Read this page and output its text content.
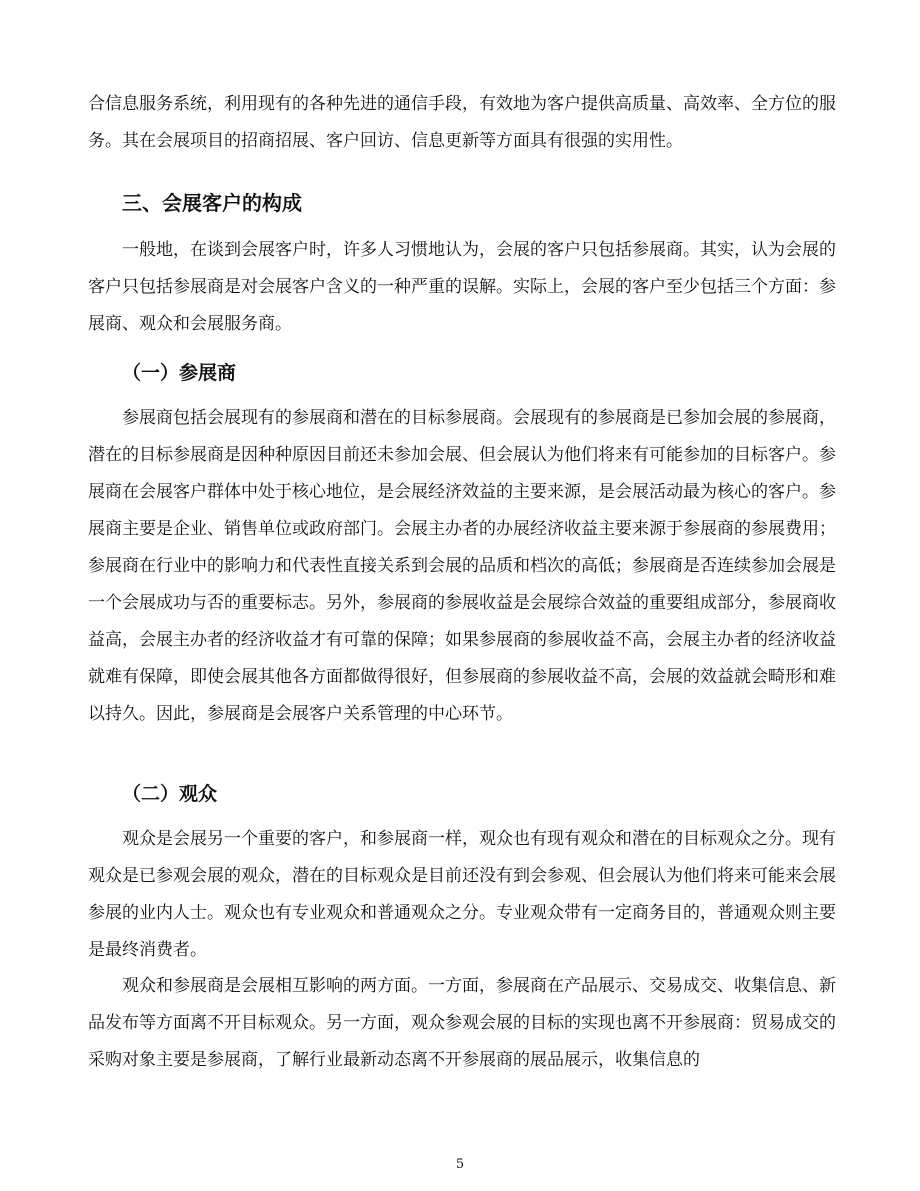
合信息服务系统，利用现有的各种先进的通信手段，有效地为客户提供高质量、高效率、全方位的服务。其在会展项目的招商招展、客户回访、信息更新等方面具有很强的实用性。

三、会展客户的构成

一般地，在谈到会展客户时，许多人习惯地认为，会展的客户只包括参展商。其实，认为会展的客户只包括参展商是对会展客户含义的一种严重的误解。实际上，会展的客户至少包括三个方面：参展商、观众和会展服务商。

（一）参展商

参展商包括会展现有的参展商和潜在的目标参展商。会展现有的参展商是已参加会展的参展商，潜在的目标参展商是因种种原因目前还未参加会展、但会展认为他们将来有可能参加的目标客户。参展商在会展客户群体中处于核心地位，是会展经济效益的主要来源，是会展活动最为核心的客户。参展商主要是企业、销售单位或政府部门。会展主办者的办展经济收益主要来源于参展商的参展费用；参展商在行业中的影响力和代表性直接关系到会展的品质和档次的高低；参展商是否连续参加会展是一个会展成功与否的重要标志。另外，参展商的参展收益是会展综合效益的重要组成部分，参展商收益高，会展主办者的经济收益才有可靠的保障；如果参展商的参展收益不高，会展主办者的经济收益就难有保障，即使会展其他各方面都做得很好，但参展商的参展收益不高，会展的效益就会畸形和难以持久。因此，参展商是会展客户关系管理的中心环节。

（二）观众

观众是会展另一个重要的客户，和参展商一样，观众也有现有观众和潜在的目标观众之分。现有观众是已参观会展的观众，潜在的目标观众是目前还没有到会参观、但会展认为他们将来可能来会展参展的业内人士。观众也有专业观众和普通观众之分。专业观众带有一定商务目的，普通观众则主要是最终消费者。

观众和参展商是会展相互影响的两方面。一方面，参展商在产品展示、交易成交、收集信息、新品发布等方面离不开目标观众。另一方面，观众参观会展的目标的实现也离不开参展商：贸易成交的采购对象主要是参展商，了解行业最新动态离不开参展商的展品展示，收集信息的

5
